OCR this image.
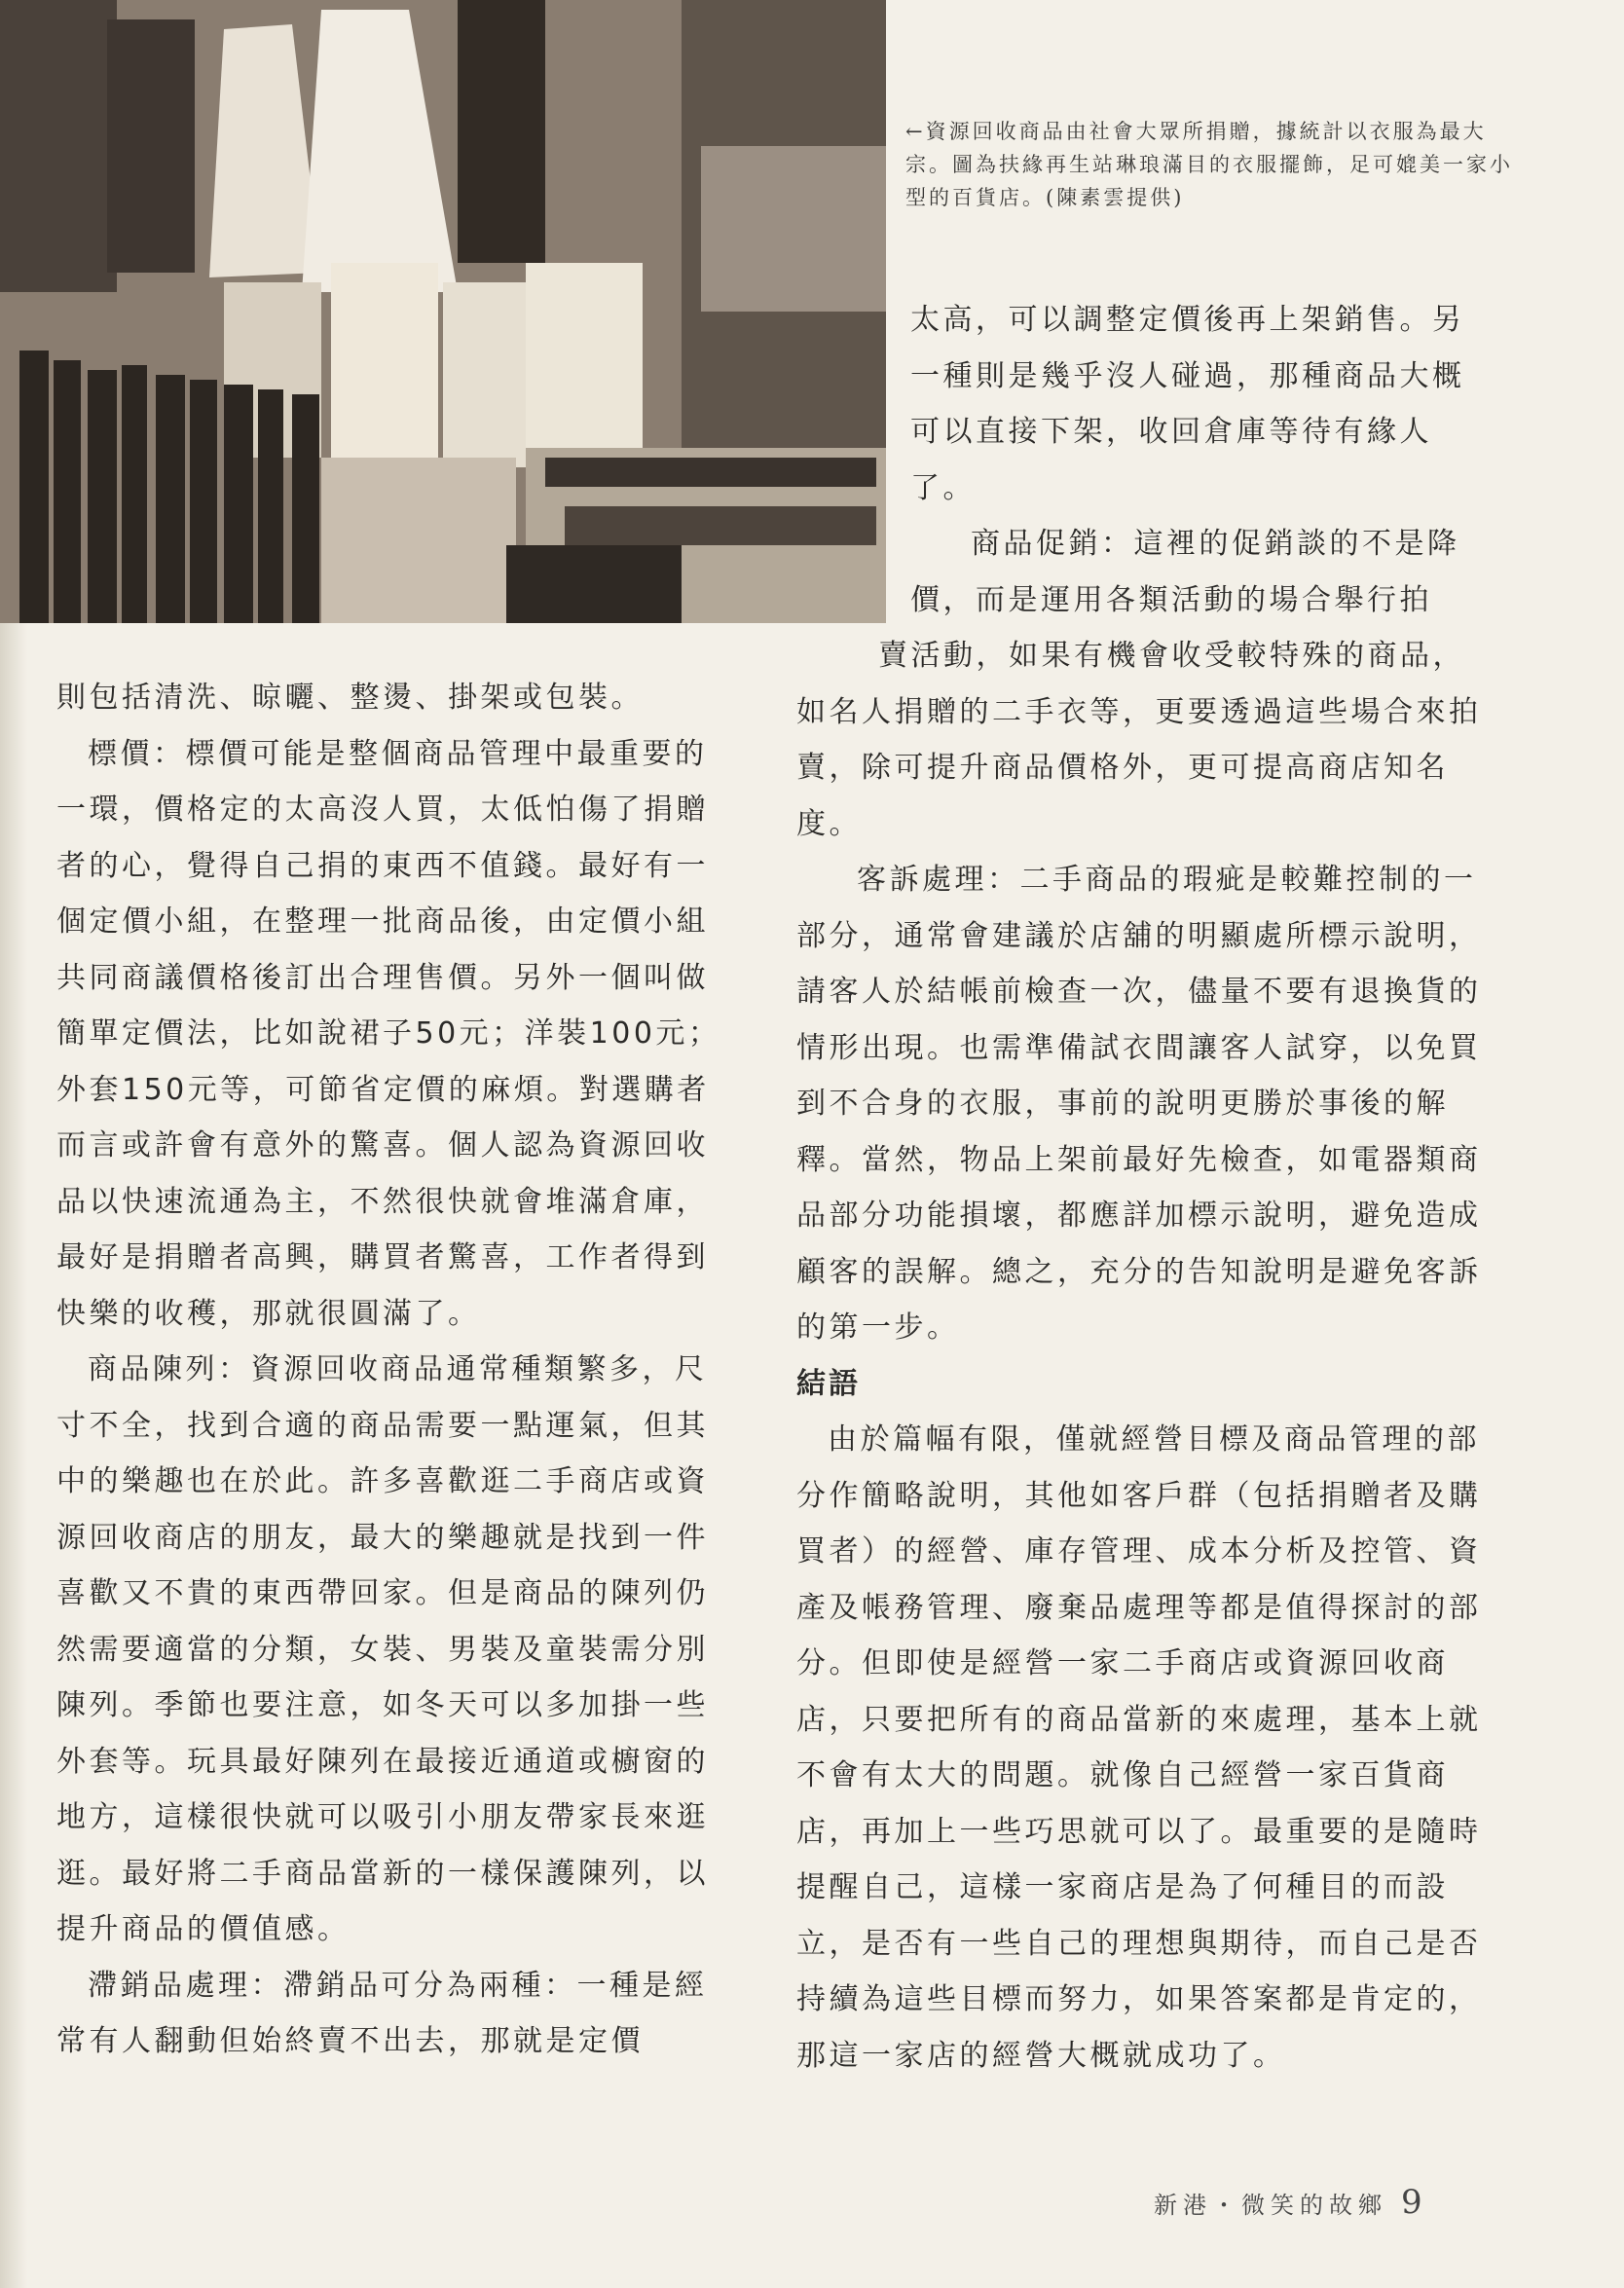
←資源回收商品由社會大眾所捐贈，據統計以衣服為最大宗。圖為扶緣再生站琳琅滿目的衣服擺飾，足可媲美一家小型的百貨店。(陳素雲提供)

太高，可以調整定價後再上架銷售。另一種則是幾乎沒人碰過，那種商品大概可以直接下架，收回倉庫等待有緣人了。

商品促銷：這裡的促銷談的不是降價，而是運用各類活動的場合舉行拍

賣活動，如果有機會收受較特殊的商品，如名人捐贈的二手衣等，更要透過這些場合來拍賣，除可提升商品價格外，更可提高商店知名度。

客訴處理：二手商品的瑕疵是較難控制的一部分，通常會建議於店舖的明顯處所標示說明，請客人於結帳前檢查一次，儘量不要有退換貨的情形出現。也需準備試衣間讓客人試穿，以免買到不合身的衣服，事前的說明更勝於事後的解釋。當然，物品上架前最好先檢查，如電器類商品部分功能損壞，都應詳加標示說明，避免造成顧客的誤解。總之，充分的告知說明是避免客訴的第一步。

結語

由於篇幅有限，僅就經營目標及商品管理的部分作簡略說明，其他如客戶群（包括捐贈者及購買者）的經營、庫存管理、成本分析及控管、資產及帳務管理、廢棄品處理等都是值得探討的部分。但即使是經營一家二手商店或資源回收商店，只要把所有的商品當新的來處理，基本上就不會有太大的問題。就像自己經營一家百貨商店，再加上一些巧思就可以了。最重要的是隨時提醒自己，這樣一家商店是為了何種目的而設立，是否有一些自己的理想與期待，而自己是否持續為這些目標而努力，如果答案都是肯定的，那這一家店的經營大概就成功了。

則包括清洗、晾曬、整燙、掛架或包裝。

標價：標價可能是整個商品管理中最重要的一環，價格定的太高沒人買，太低怕傷了捐贈者的心，覺得自己捐的東西不值錢。最好有一個定價小組，在整理一批商品後，由定價小組共同商議價格後訂出合理售價。另外一個叫做簡單定價法，比如說裙子50元；洋裝100元；外套150元等，可節省定價的麻煩。對選購者而言或許會有意外的驚喜。個人認為資源回收品以快速流通為主，不然很快就會堆滿倉庫，最好是捐贈者高興，購買者驚喜，工作者得到快樂的收穫，那就很圓滿了。

商品陳列：資源回收商品通常種類繁多，尺寸不全，找到合適的商品需要一點運氣，但其中的樂趣也在於此。許多喜歡逛二手商店或資源回收商店的朋友，最大的樂趣就是找到一件喜歡又不貴的東西帶回家。但是商品的陳列仍然需要適當的分類，女裝、男裝及童裝需分別陳列。季節也要注意，如冬天可以多加掛一些外套等。玩具最好陳列在最接近通道或櫥窗的地方，這樣很快就可以吸引小朋友帶家長來逛逛。最好將二手商品當新的一樣保護陳列，以提升商品的價值感。

滯銷品處理：滯銷品可分為兩種：一種是經常有人翻動但始終賣不出去，那就是定價

新港・微笑的故鄉 9
